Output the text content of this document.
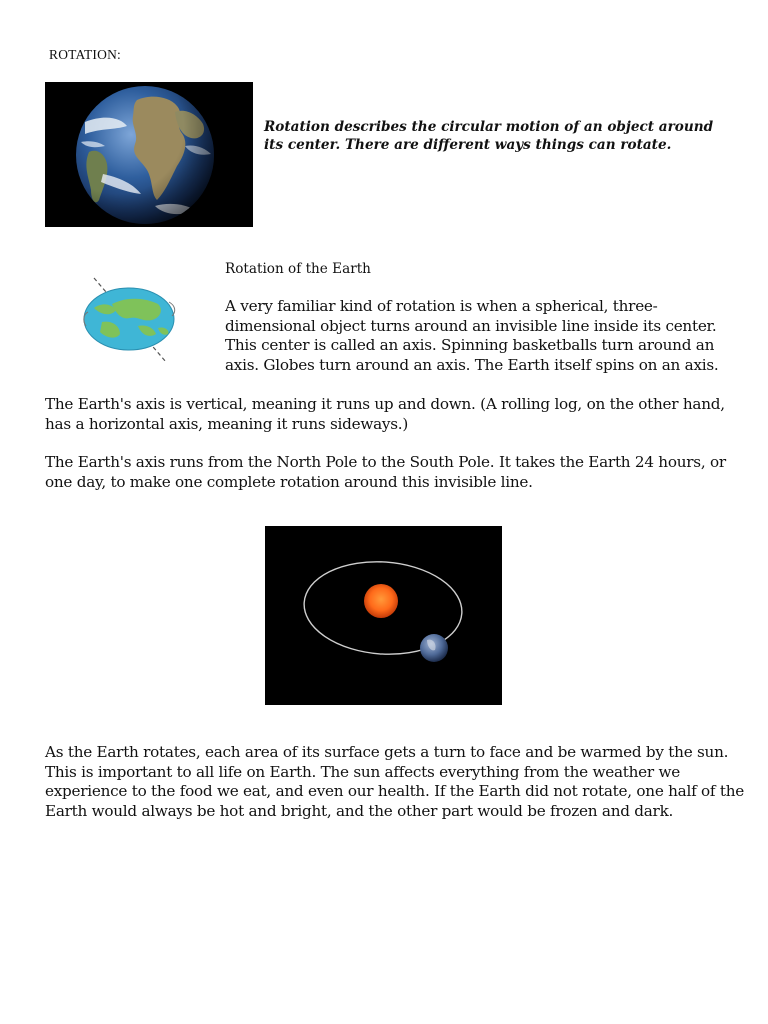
ROTATION:
Rotation describes the circular motion of an object around its center. There are different ways things can rotate.
Rotation of the Earth
A very familiar kind of rotation is when a spherical, three-dimensional object turns around an invisible line inside its center. This center is called an axis. Spinning basketballs turn around an axis. Globes turn around an axis. The Earth itself spins on an axis.
The Earth's axis is vertical, meaning it runs up and down. (A rolling log, on the other hand, has a horizontal axis, meaning it runs sideways.)
The Earth's axis runs from the North Pole to the South Pole. It takes the Earth 24 hours, or one day, to make one complete rotation around this invisible line.
As the Earth rotates, each area of its surface gets a turn to face and be warmed by the sun. This is important to all life on Earth. The sun affects everything from the weather we experience to the food we eat, and even our health. If the Earth did not rotate, one half of the Earth would always be hot and bright, and the other part would be frozen and dark.
